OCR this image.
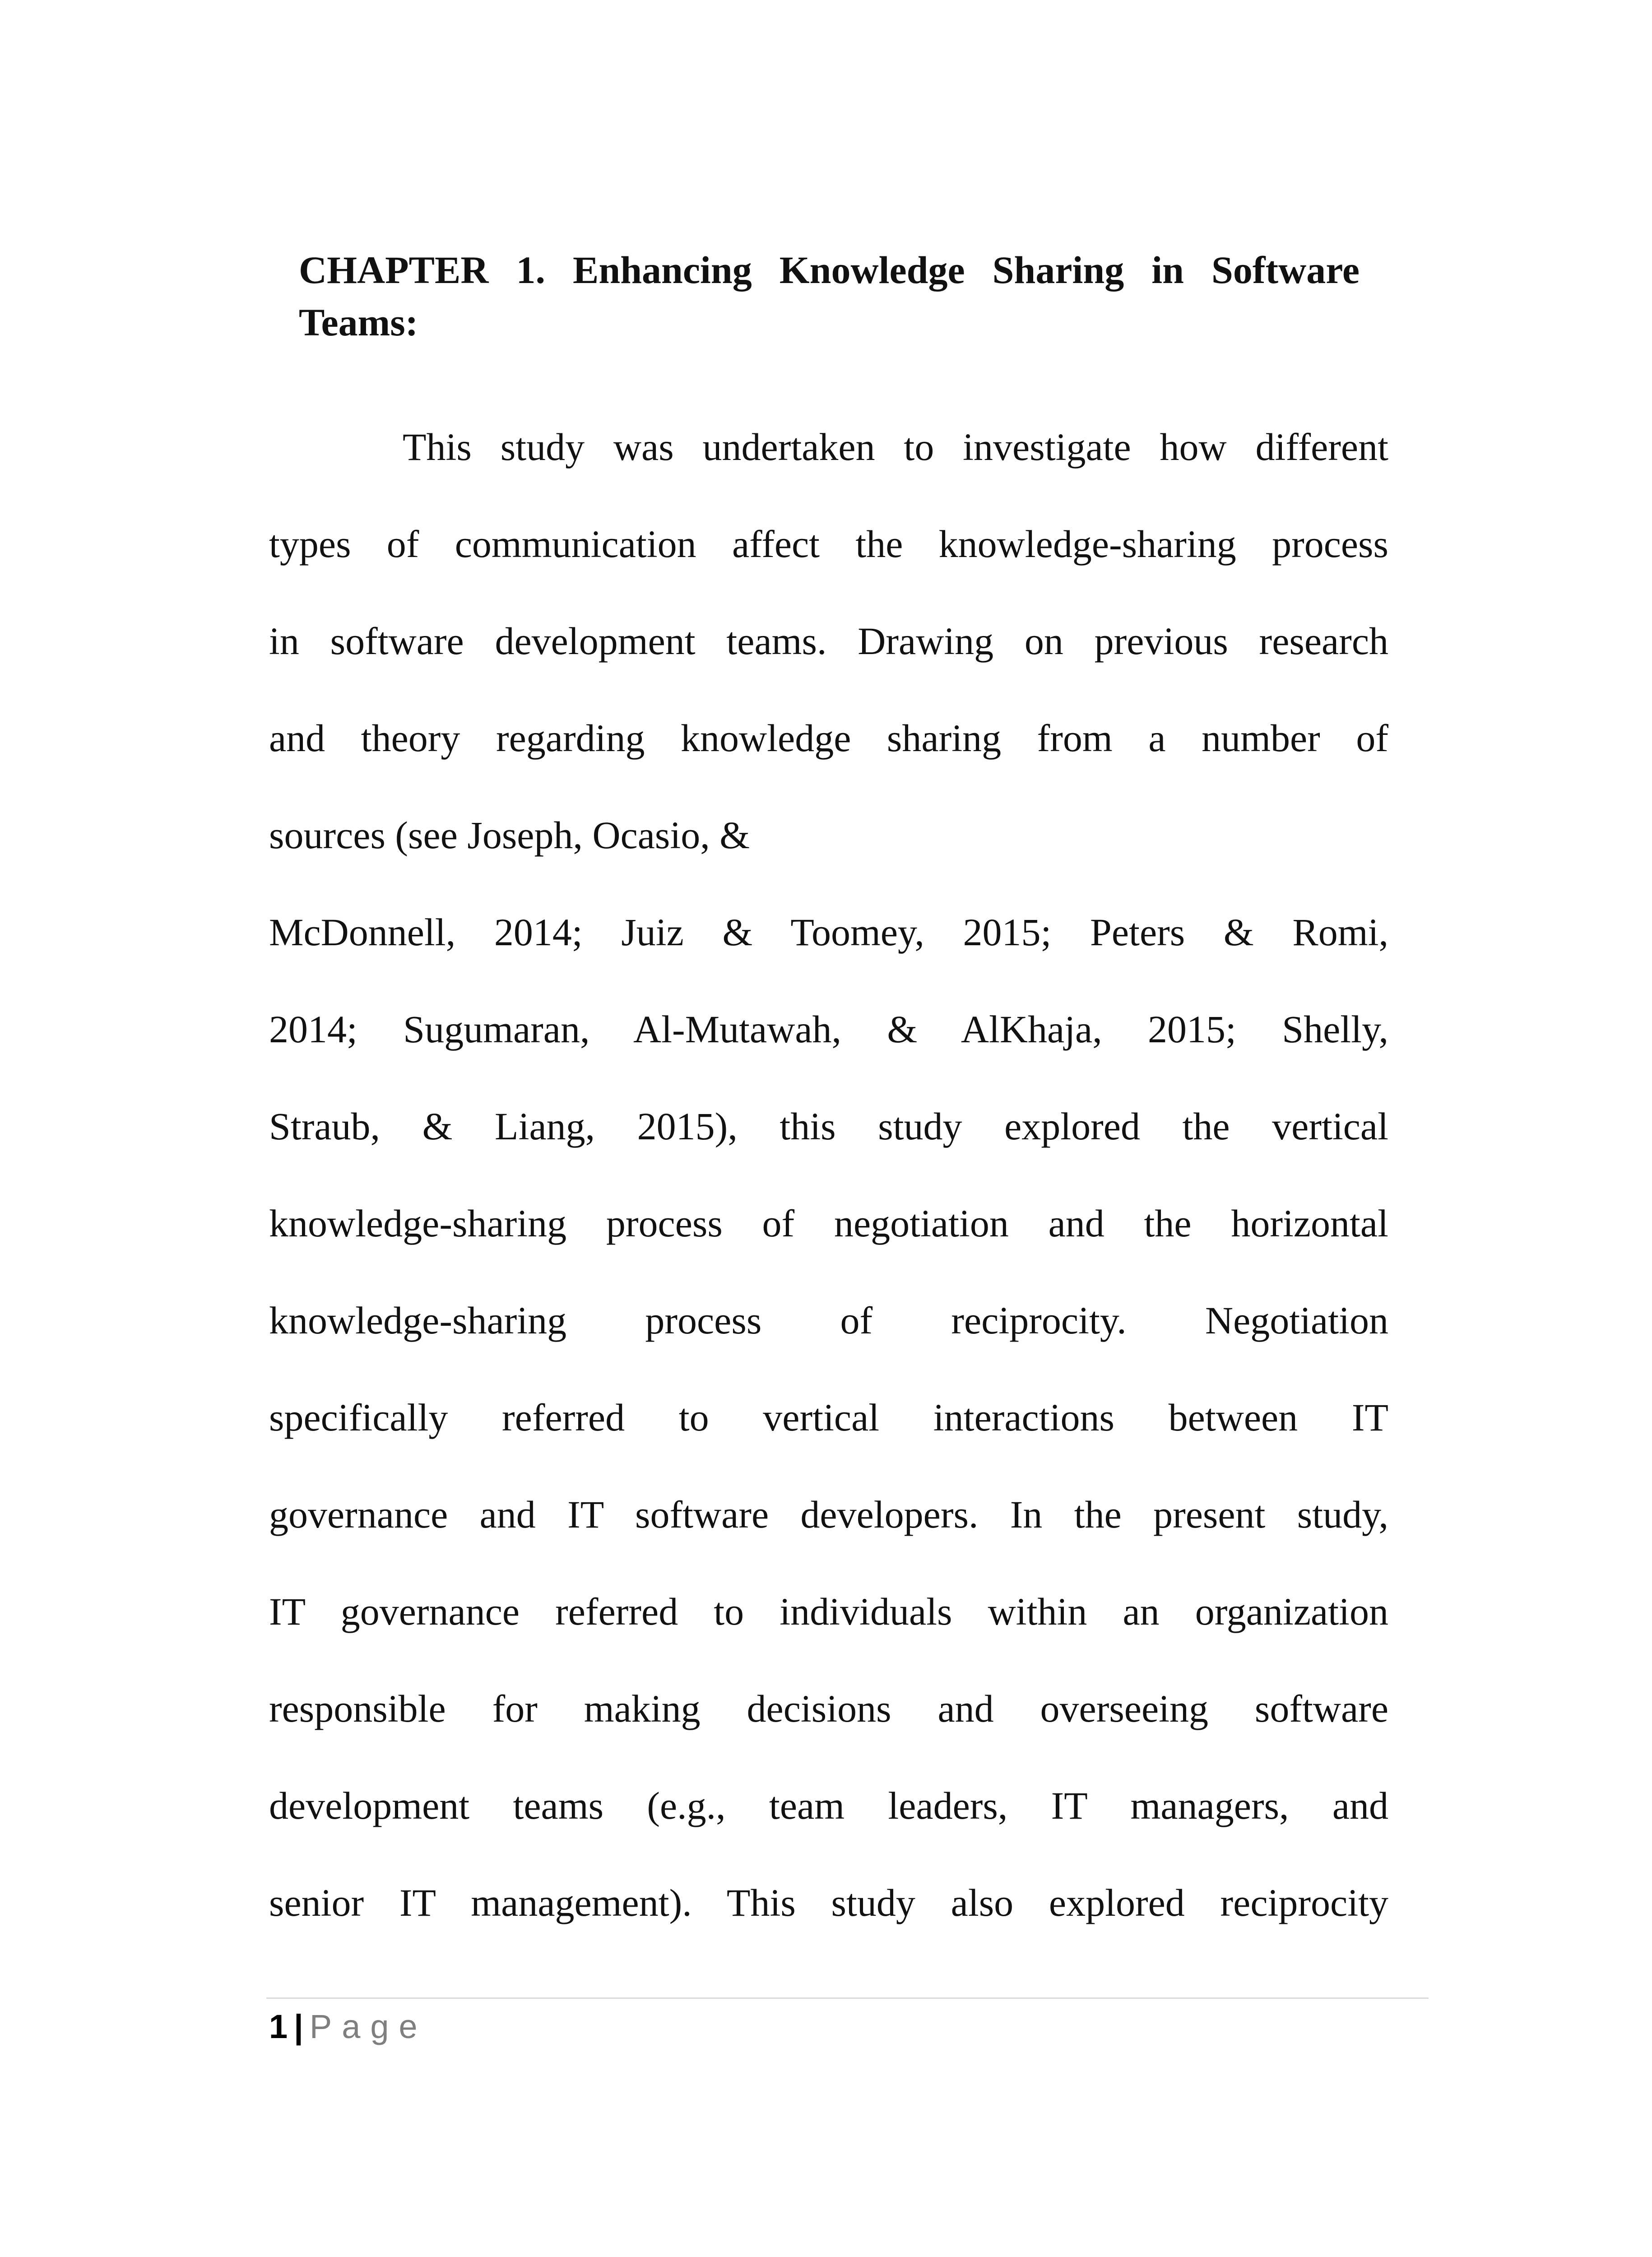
CHAPTER 1. Enhancing Knowledge Sharing in Software Teams:

This study was undertaken to investigate how different

types of communication affect the knowledge-sharing process

in software development teams. Drawing on previous research

and theory regarding knowledge sharing from a number of

sources (see Joseph, Ocasio, &

McDonnell, 2014; Juiz & Toomey, 2015; Peters & Romi,

2014; Sugumaran, Al-Mutawah, & AlKhaja, 2015; Shelly,

Straub, & Liang, 2015), this study explored the vertical

knowledge-sharing process of negotiation and the horizontal

knowledge-sharing process of reciprocity. Negotiation

specifically referred to vertical interactions between IT

governance and IT software developers. In the present study,

IT governance referred to individuals within an organization

responsible for making decisions and overseeing software

development teams (e.g., team leaders, IT managers, and

senior IT management). This study also explored reciprocity

1 | Page
